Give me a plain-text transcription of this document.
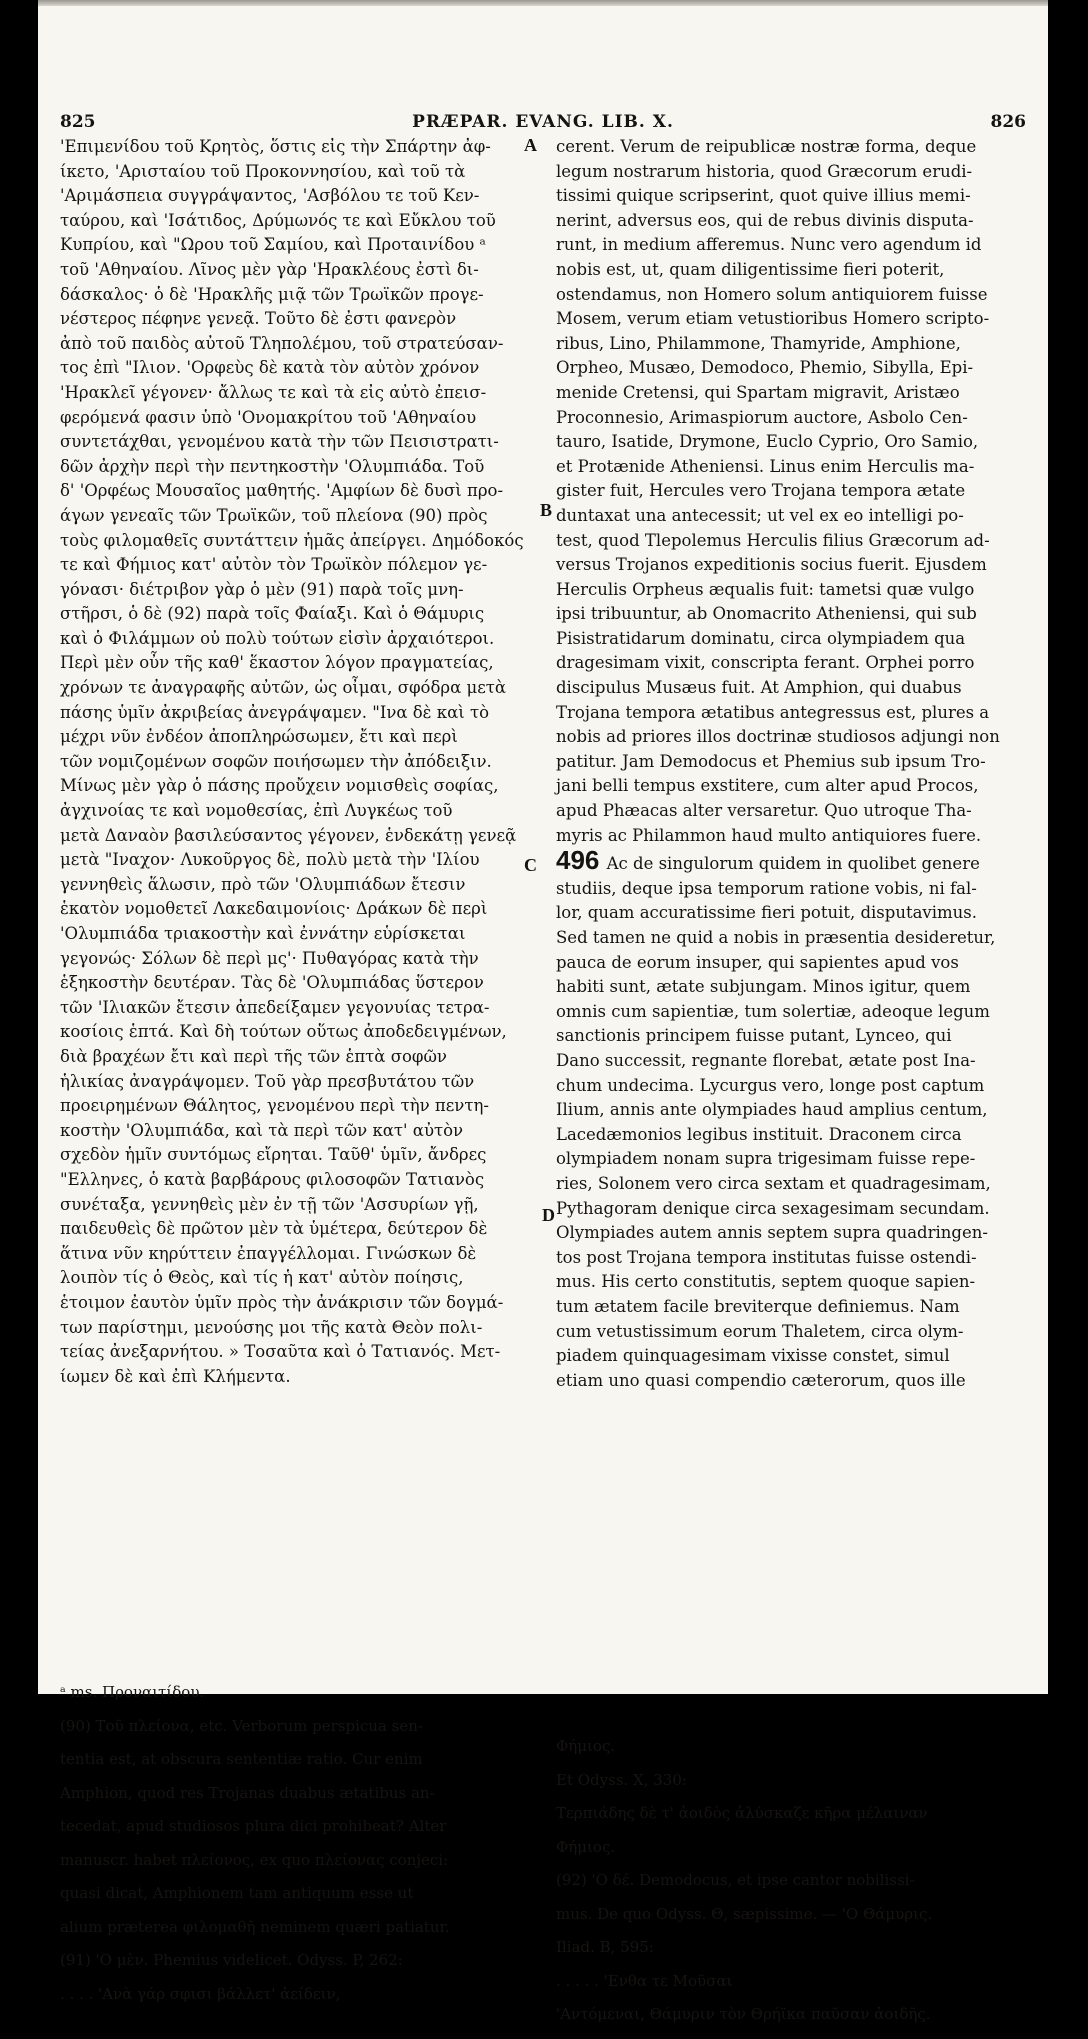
825	PRÆPAR. EVANG. LIB. X.	826

'Επιμενίδου τοῦ Κρητὸς, ὅστις εἰς τὴν Σπάρτην ἀφ-

ίκετο, 'Αρισταίου τοῦ Προκοννησίου, καὶ τοῦ τὰ

'Αριμάσπεια συγγράψαντος, 'Ασβόλου τε τοῦ Κεν-

ταύρου, καὶ 'Ισάτιδος, Δρύμωνός τε καὶ Εὔκλου τοῦ

Κυπρίου, καὶ "Ωρου τοῦ Σαμίου, καὶ Προταινίδου ᵃ

τοῦ 'Αθηναίου. Λῖνος μὲν γὰρ 'Ηρακλέους ἐστὶ δι-

δάσκαλος· ὁ δὲ 'Ηρακλῆς μιᾷ τῶν Τρωϊκῶν προγε-

νέστερος πέφηνε γενεᾷ. Τοῦτο δὲ ἐστι φανερὸν

ἀπὸ τοῦ παιδὸς αὐτοῦ Τληπολέμου, τοῦ στρατεύσαν-

τος ἐπὶ "Ιλιον. 'Ορφεὺς δὲ κατὰ τὸν αὐτὸν χρόνον

'Ηρακλεῖ γέγονεν· ἄλλως τε καὶ τὰ εἰς αὐτὸ ἐπεισ-

φερόμενά φασιν ὑπὸ 'Ονομακρίτου τοῦ 'Αθηναίου

συντετάχθαι, γενομένου κατὰ τὴν τῶν Πεισιστρατι-

δῶν ἀρχὴν περὶ τὴν πεντηκοστὴν 'Ολυμπιάδα. Τοῦ

δ' 'Ορφέως Μουσαῖος μαθητής. 'Αμφίων δὲ δυσὶ προ-

άγων γενεαῖς τῶν Τρωϊκῶν, τοῦ πλείονα (90) πρὸς

τοὺς φιλομαθεῖς συντάττειν ἡμᾶς ἀπείργει. Δημόδοκός

τε καὶ Φήμιος κατ' αὐτὸν τὸν Τρωϊκὸν πόλεμον γε-

γόνασι· διέτριβον γὰρ ὁ μὲν (91) παρὰ τοῖς μνη-

στῆρσι, ὁ δὲ (92) παρὰ τοῖς Φαίαξι. Καὶ ὁ Θάμυρις

καὶ ὁ Φιλάμμων οὐ πολὺ τούτων εἰσὶν ἀρχαιότεροι.

Περὶ μὲν οὖν τῆς καθ' ἕκαστον λόγον πραγματείας,

χρόνων τε ἀναγραφῆς αὐτῶν, ὡς οἶμαι, σφόδρα μετὰ

πάσης ὑμῖν ἀκριβείας ἀνεγράψαμεν. "Ινα δὲ καὶ τὸ

μέχρι νῦν ἐνδέον ἀποπληρώσωμεν, ἔτι καὶ περὶ

τῶν νομιζομένων σοφῶν ποιήσωμεν τὴν ἀπόδειξιν.

Μίνως μὲν γὰρ ὁ πάσης προὔχειν νομισθεὶς σοφίας,

ἀγχινοίας τε καὶ νομοθεσίας, ἐπὶ Λυγκέως τοῦ

μετὰ Δαναὸν βασιλεύσαντος γέγονεν, ἑνδεκάτῃ γενεᾷ

μετὰ "Ιναχον· Λυκοῦργος δὲ, πολὺ μετὰ τὴν 'Ιλίου

γεννηθεὶς ἅλωσιν, πρὸ τῶν 'Ολυμπιάδων ἔτεσιν

ἑκατὸν νομοθετεῖ Λακεδαιμονίοις· Δράκων δὲ περὶ

'Ολυμπιάδα τριακοστὴν καὶ ἐννάτην εὑρίσκεται

γεγονώς· Σόλων δὲ περὶ μς'· Πυθαγόρας κατὰ τὴν

ἑξηκοστὴν δευτέραν. Τὰς δὲ 'Ολυμπιάδας ὕστερον

τῶν 'Ιλιακῶν ἔτεσιν ἀπεδείξαμεν γεγονυίας τετρα-

κοσίοις ἑπτά. Καὶ δὴ τούτων οὕτως ἀποδεδειγμένων,

διὰ βραχέων ἔτι καὶ περὶ τῆς τῶν ἑπτὰ σοφῶν

ἡλικίας ἀναγράψομεν. Τοῦ γὰρ πρεσβυτάτου τῶν

προειρημένων Θάλητος, γενομένου περὶ τὴν πεντη-

κοστὴν 'Ολυμπιάδα, καὶ τὰ περὶ τῶν κατ' αὐτὸν

σχεδὸν ἡμῖν συντόμως εἴρηται. Ταῦθ' ὑμῖν, ἄνδρες

"Ελληνες, ὁ κατὰ βαρβάρους φιλοσοφῶν Τατιανὸς

συνέταξα, γεννηθεὶς μὲν ἐν τῇ τῶν 'Ασσυρίων γῇ,

παιδευθεὶς δὲ πρῶτον μὲν τὰ ὑμέτερα, δεύτερον δὲ

ἅτινα νῦν κηρύττειν ἐπαγγέλλομαι. Γινώσκων δὲ

λοιπὸν τίς ὁ Θεὸς, καὶ τίς ἡ κατ' αὐτὸν ποίησις,

ἑτοιμον ἐαυτὸν ὑμῖν πρὸς τὴν ἀνάκρισιν τῶν δογμά-

των παρίστημι, μενούσης μοι τῆς κατὰ Θεὸν πολι-

τείας ἀνεξαρνήτου. » Τοσαῦτα καὶ ὁ Τατιανός. Μετ-

ίωμεν δὲ καὶ ἐπὶ Κλήμεντα.

cerent. Verum de reipublicæ nostræ forma, deque

legum nostrarum historia, quod Græcorum erudi-

tissimi quique scripserint, quot quive illius memi-

nerint, adversus eos, qui de rebus divinis disputa-

runt, in medium afferemus. Nunc vero agendum id

nobis est, ut, quam diligentissime fieri poterit,

ostendamus, non Homero solum antiquiorem fuisse

Mosem, verum etiam vetustioribus Homero scripto-

ribus, Lino, Philammone, Thamyride, Amphione,

Orpheo, Musæo, Demodoco, Phemio, Sibylla, Epi-

menide Cretensi, qui Spartam migravit, Aristæo

Proconnesio, Arimaspiorum auctore, Asbolo Cen-

tauro, Isatide, Drymone, Euclo Cyprio, Oro Samio,

et Protænide Atheniensi. Linus enim Herculis ma-

gister fuit, Hercules vero Trojana tempora ætate

duntaxat una antecessit; ut vel ex eo intelligi po-

test, quod Tlepolemus Herculis filius Græcorum ad-

versus Trojanos expeditionis socius fuerit. Ejusdem

Herculis Orpheus æqualis fuit: tametsi quæ vulgo

ipsi tribuuntur, ab Onomacrito Atheniensi, qui sub

Pisistratidarum dominatu, circa olympiadem qua

dragesimam vixit, conscripta ferant. Orphei porro

discipulus Musæus fuit. At Amphion, qui duabus

Trojana tempora ætatibus antegressus est, plures a

nobis ad priores illos doctrinæ studiosos adjungi non

patitur. Jam Demodocus et Phemius sub ipsum Tro-

jani belli tempus exstitere, cum alter apud Procos,

apud Phæacas alter versaretur. Quo utroque Tha-

myris ac Philammon haud multo antiquiores fuere.

496 Ac de singulorum quidem in quolibet genere

studiis, deque ipsa temporum ratione vobis, ni fal-

lor, quam accuratissime fieri potuit, disputavimus.

Sed tamen ne quid a nobis in præsentia desideretur,

pauca de eorum insuper, qui sapientes apud vos

habiti sunt, ætate subjungam. Minos igitur, quem

omnis cum sapientiæ, tum solertiæ, adeoque legum

sanctionis principem fuisse putant, Lynceo, qui

Dano successit, regnante florebat, ætate post Ina-

chum undecima. Lycurgus vero, longe post captum

Ilium, annis ante olympiades haud amplius centum,

Lacedæmonios legibus instituit. Draconem circa

olympiadem nonam supra trigesimam fuisse repe-

ries, Solonem vero circa sextam et quadragesimam,

Pythagoram denique circa sexagesimam secundam.

Olympiades autem annis septem supra quadringen-

tos post Trojana tempora institutas fuisse ostendi-

mus. His certo constitutis, septem quoque sapien-

tum ætatem facile breviterque definiemus. Nam

cum vetustissimum eorum Thaletem, circa olym-

piadem quinquagesimam vixisse constet, simul

etiam uno quasi compendio cæterorum, quos ille

A
B
C
D

ᵃ ms. Προναιτίδου.

(90) Τοῦ πλείονα, etc. Verborum perspicua sen-

tentia est, at obscura sententiæ ratio. Cur enim

Amphion, quod res Trojanas duabus ætatibus an-

tecedat, apud studiosos plura dici prohibeat? Alter

manuscr. habet πλείονος, ex quo πλείονας conjeci:

quasi dicat, Amphionem tam antiquum esse ut

alium præterea φιλομαθῆ neminem quæri patiatur.

(91) 'Ο μὲν. Phemius videlicet. Odyss. P, 262:

. . . . 'Ανὰ γάρ σφισι βάλλετ' ἀείδειν,

Φήμιος.

Et Odyss. X, 330:

Τερπιάδης δὲ τ' ἀοιδὸς ἀλύσκαζε κῆρα μέλαιναν

Φήμιος.

(92) 'Ο δέ. Demodocus, et ipse cantor nobilissi-

mus. De quo Odyss. Θ, sæpissime. — 'Ο Θάμυρις.

Iliad. B, 595:

. . . . . 'Ενθα τε Μοῦσαι

'Αντόμεναι, Θάμυριν τὸν Θρήϊκα παῦσαν ἀοιδῆς.
